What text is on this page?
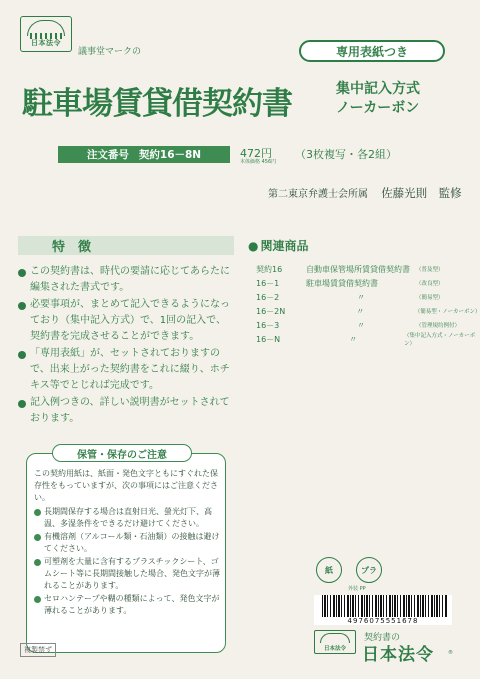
日本法令
議事堂マークの	専用表紙つき
駐車場賃貸借契約書	集中記入方式
ノーカーボン
注文番号 契約16－8N	472円
本体価格 456円
（3枚複写・各2組）
第二東京弁護士会所属 佐藤光則　監修
特　徴
この契約書は、時代の要請に応じてあらたに編集された書式です。
必要事項が、まとめて記入できるようになっており（集中記入方式）で、1回の記入で、契約書を完成させることができます。
「専用表紙」が、セットされておりますので、出来上がった契約書をこれに綴り、ホチキス等でとじれば完成です。
記入例つきの、詳しい説明書がセットされております。
● 関連商品
契約16	自動車保管場所賃貸借契約書	（普及型）
16－1	駐車場賃貸借契約書	（改良型）
16－2	〃	（簡易型）
16－2N	〃	（簡易型・ノーカーボン）
16－3	〃	（管理規約例付）
16－N	〃	（集中記入方式・ノーカーボン）
保管・保存のご注意
この契約用紙は、紙面・発色文字ともにすぐれた保存性をもっていますが、次の事項にはご注意ください。
長期間保存する場合は直射日光、螢光灯下、高温、多湿条件をできるだけ避けてください。
有機溶剤（アルコール類・石油類）の接触は避けてください。
可塑剤を大量に含有するプラスチックシート、ゴムシート等に長期間接触した場合、発色文字が薄れることがあります。
セロハンテープや糊の種類によって、発色文字が薄れることがあります。
複製禁ず
紙	プラ
外装 PP
4976075551678
日本法令
契約書の
日本法令	®
